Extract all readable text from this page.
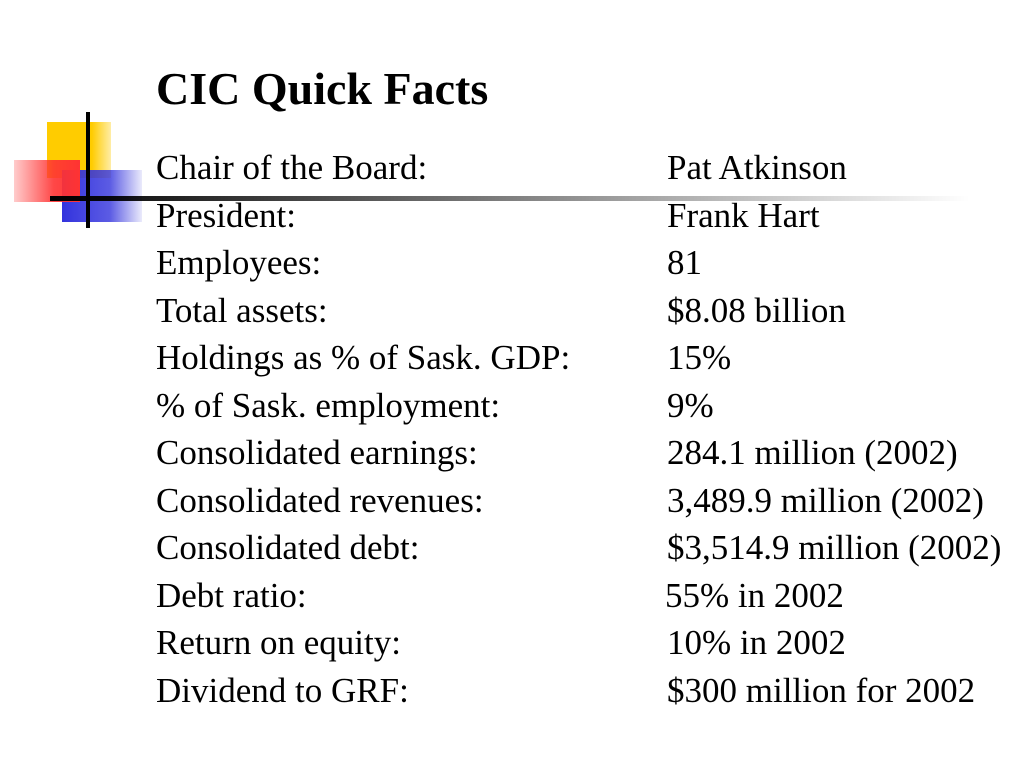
CIC Quick Facts
Chair of the Board:	Pat Atkinson
President:	Frank Hart
Employees:	81
Total assets:	$8.08 billion
Holdings as % of Sask. GDP:	15%
% of Sask. employment:	9%
Consolidated earnings:	284.1 million (2002)
Consolidated revenues:	3,489.9 million (2002)
Consolidated debt:	$3,514.9 million (2002)
Debt ratio:	55% in 2002
Return on equity:	10% in 2002
Dividend to GRF:	$300 million for 2002
